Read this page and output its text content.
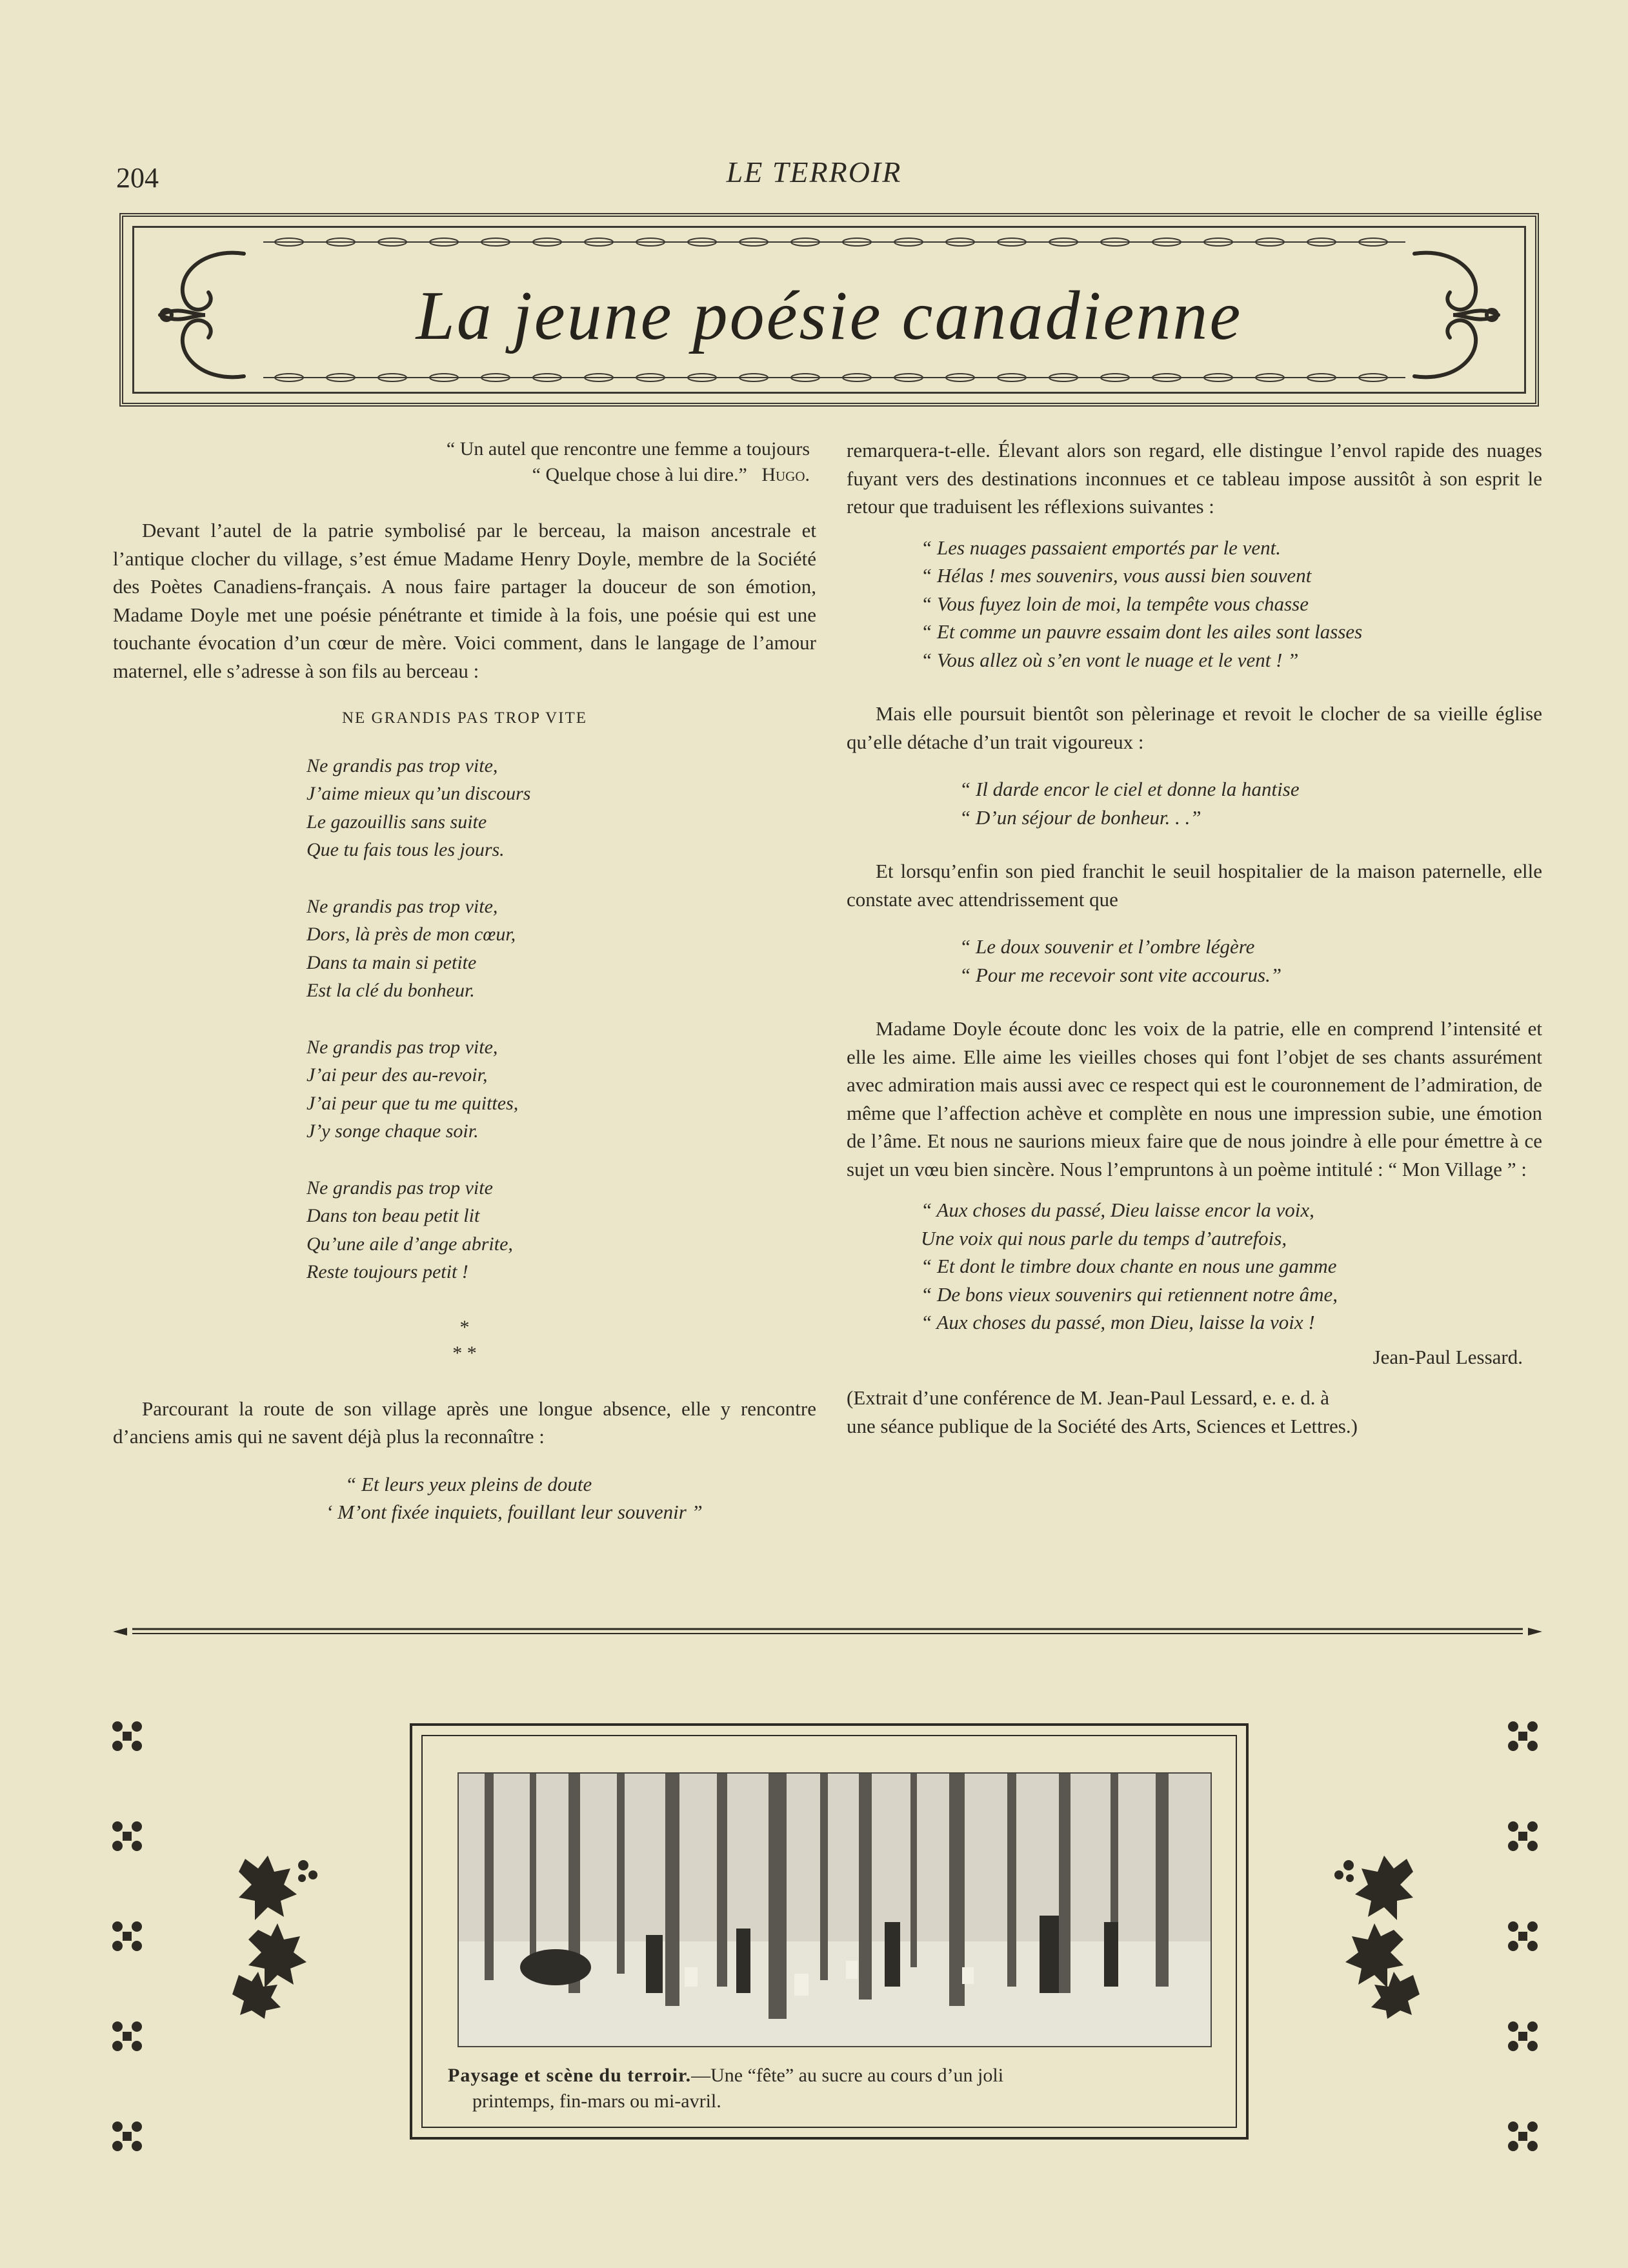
204	LE TERROIR
La jeune poésie canadienne
“ Un autel que rencontre une femme a toujours
“ Quelque chose à lui dire.” Hugo.

Devant l’autel de la patrie symbolisé par le berceau, la maison ancestrale et l’antique clocher du village, s’est émue Madame Henry Doyle, membre de la Société des Poètes Canadiens-français. A nous faire partager la douceur de son émotion, Madame Doyle met une poésie pénétrante et timide à la fois, une poésie qui est une touchante évocation d’un cœur de mère. Voici comment, dans le langage de l’amour maternel, elle s’adresse à son fils au berceau :

NE GRANDIS PAS TROP VITE
Ne grandis pas trop vite,
J’aime mieux qu’un discours
Le gazouillis sans suite
Que tu fais tous les jours.
Ne grandis pas trop vite,
Dors, là près de mon cœur,
Dans ta main si petite
Est la clé du bonheur.
Ne grandis pas trop vite,
J’ai peur des au-revoir,
J’ai peur que tu me quittes,
J’y songe chaque soir.
Ne grandis pas trop vite
Dans ton beau petit lit
Qu’une aile d’ange abrite,
Reste toujours petit !
*
* *

Parcourant la route de son village après une longue absence, elle y rencontre d’anciens amis qui ne savent déjà plus la reconnaître :

“ Et leurs yeux pleins de doute
‘ M’ont fixée inquiets, fouillant leur souvenir ”

remarquera-t-elle. Élevant alors son regard, elle distingue l’envol rapide des nuages fuyant vers des destinations inconnues et ce tableau impose aussitôt à son esprit le retour que traduisent les réflexions suivantes :

“ Les nuages passaient emportés par le vent.
“ Hélas ! mes souvenirs, vous aussi bien souvent
“ Vous fuyez loin de moi, la tempête vous chasse
“ Et comme un pauvre essaim dont les ailes sont lasses
“ Vous allez où s’en vont le nuage et le vent ! ”

Mais elle poursuit bientôt son pèlerinage et revoit le clocher de sa vieille église qu’elle détache d’un trait vigoureux :

“ Il darde encor le ciel et donne la hantise
“ D’un séjour de bonheur. . .”

Et lorsqu’enfin son pied franchit le seuil hospitalier de la maison paternelle, elle constate avec attendrissement que

“ Le doux souvenir et l’ombre légère
“ Pour me recevoir sont vite accourus.”

Madame Doyle écoute donc les voix de la patrie, elle en comprend l’intensité et elle les aime. Elle aime les vieilles choses qui font l’objet de ses chants assurément avec admiration mais aussi avec ce respect qui est le couronnement de l’admiration, de même que l’affection achève et complète en nous une impression subie, une émotion de l’âme. Et nous ne saurions mieux faire que de nous joindre à elle pour émettre à ce sujet un vœu bien sincère. Nous l’empruntons à un poème intitulé : “ Mon Village ” :

“ Aux choses du passé, Dieu laisse encor la voix,
Une voix qui nous parle du temps d’autrefois,
“ Et dont le timbre doux chante en nous une gamme
“ De bons vieux souvenirs qui retiennent notre âme,
“ Aux choses du passé, mon Dieu, laisse la voix !
Jean-Paul Lessard.
(Extrait d’une conférence de M. Jean-Paul Lessard, e. e. d. à
une séance publique de la Société des Arts, Sciences et Lettres.)
Paysage et scène du terroir.—Une “fête” au sucre au cours d’un joli
printemps, fin-mars ou mi-avril.
